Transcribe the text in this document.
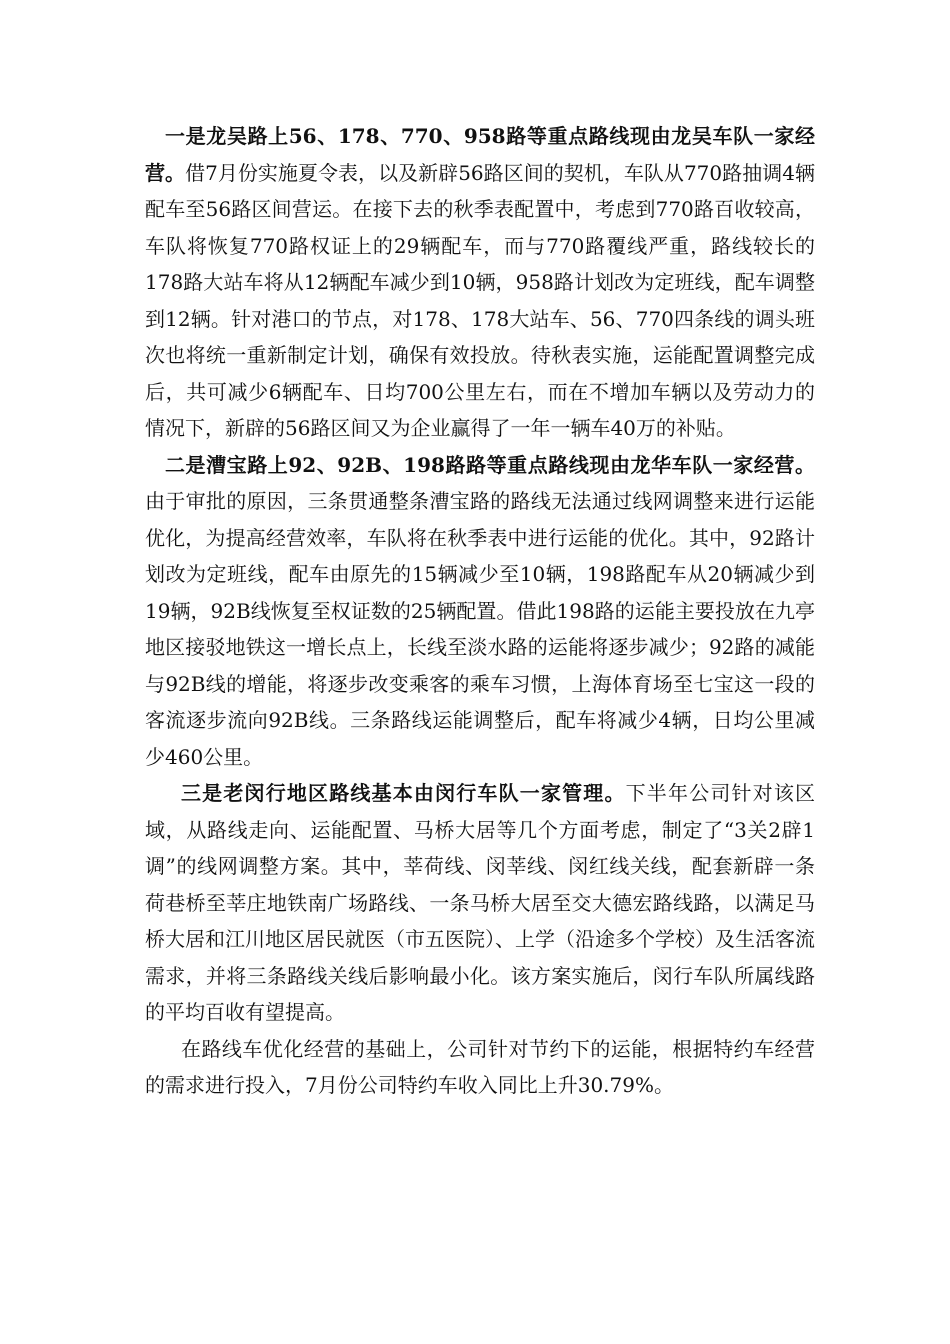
一是龙吴路上56、178、770、958路等重点路线现由龙吴车队一家经营。借7月份实施夏令表，以及新辟56路区间的契机，车队从770路抽调4辆配车至56路区间营运。在接下去的秋季表配置中，考虑到770路百收较高，车队将恢复770路权证上的29辆配车，而与770路覆线严重，路线较长的178路大站车将从12辆配车减少到10辆，958路计划改为定班线，配车调整到12辆。针对港口的节点，对178、178大站车、56、770四条线的调头班次也将统一重新制定计划，确保有效投放。待秋表实施，运能配置调整完成后，共可减少6辆配车、日均700公里左右，而在不增加车辆以及劳动力的情况下，新辟的56路区间又为企业赢得了一年一辆车40万的补贴。

二是漕宝路上92、92B、198路路等重点路线现由龙华车队一家经营。由于审批的原因，三条贯通整条漕宝路的路线无法通过线网调整来进行运能优化，为提高经营效率，车队将在秋季表中进行运能的优化。其中，92路计划改为定班线，配车由原先的15辆减少至10辆，198路配车从20辆减少到19辆，92B线恢复至权证数的25辆配置。借此198路的运能主要投放在九亭地区接驳地铁这一增长点上，长线至淡水路的运能将逐步减少；92路的减能与92B线的增能，将逐步改变乘客的乘车习惯，上海体育场至七宝这一段的客流逐步流向92B线。三条路线运能调整后，配车将减少4辆，日均公里减少460公里。

三是老闵行地区路线基本由闵行车队一家管理。下半年公司针对该区域，从路线走向、运能配置、马桥大居等几个方面考虑，制定了“3关2辟1调”的线网调整方案。其中，莘荷线、闵莘线、闵红线关线，配套新辟一条荷巷桥至莘庄地铁南广场路线、一条马桥大居至交大德宏路线路，以满足马桥大居和江川地区居民就医（市五医院）、上学（沿途多个学校）及生活客流需求，并将三条路线关线后影响最小化。该方案实施后，闵行车队所属线路的平均百收有望提高。

在路线车优化经营的基础上，公司针对节约下的运能，根据特约车经营的需求进行投入，7月份公司特约车收入同比上升30.79%。
